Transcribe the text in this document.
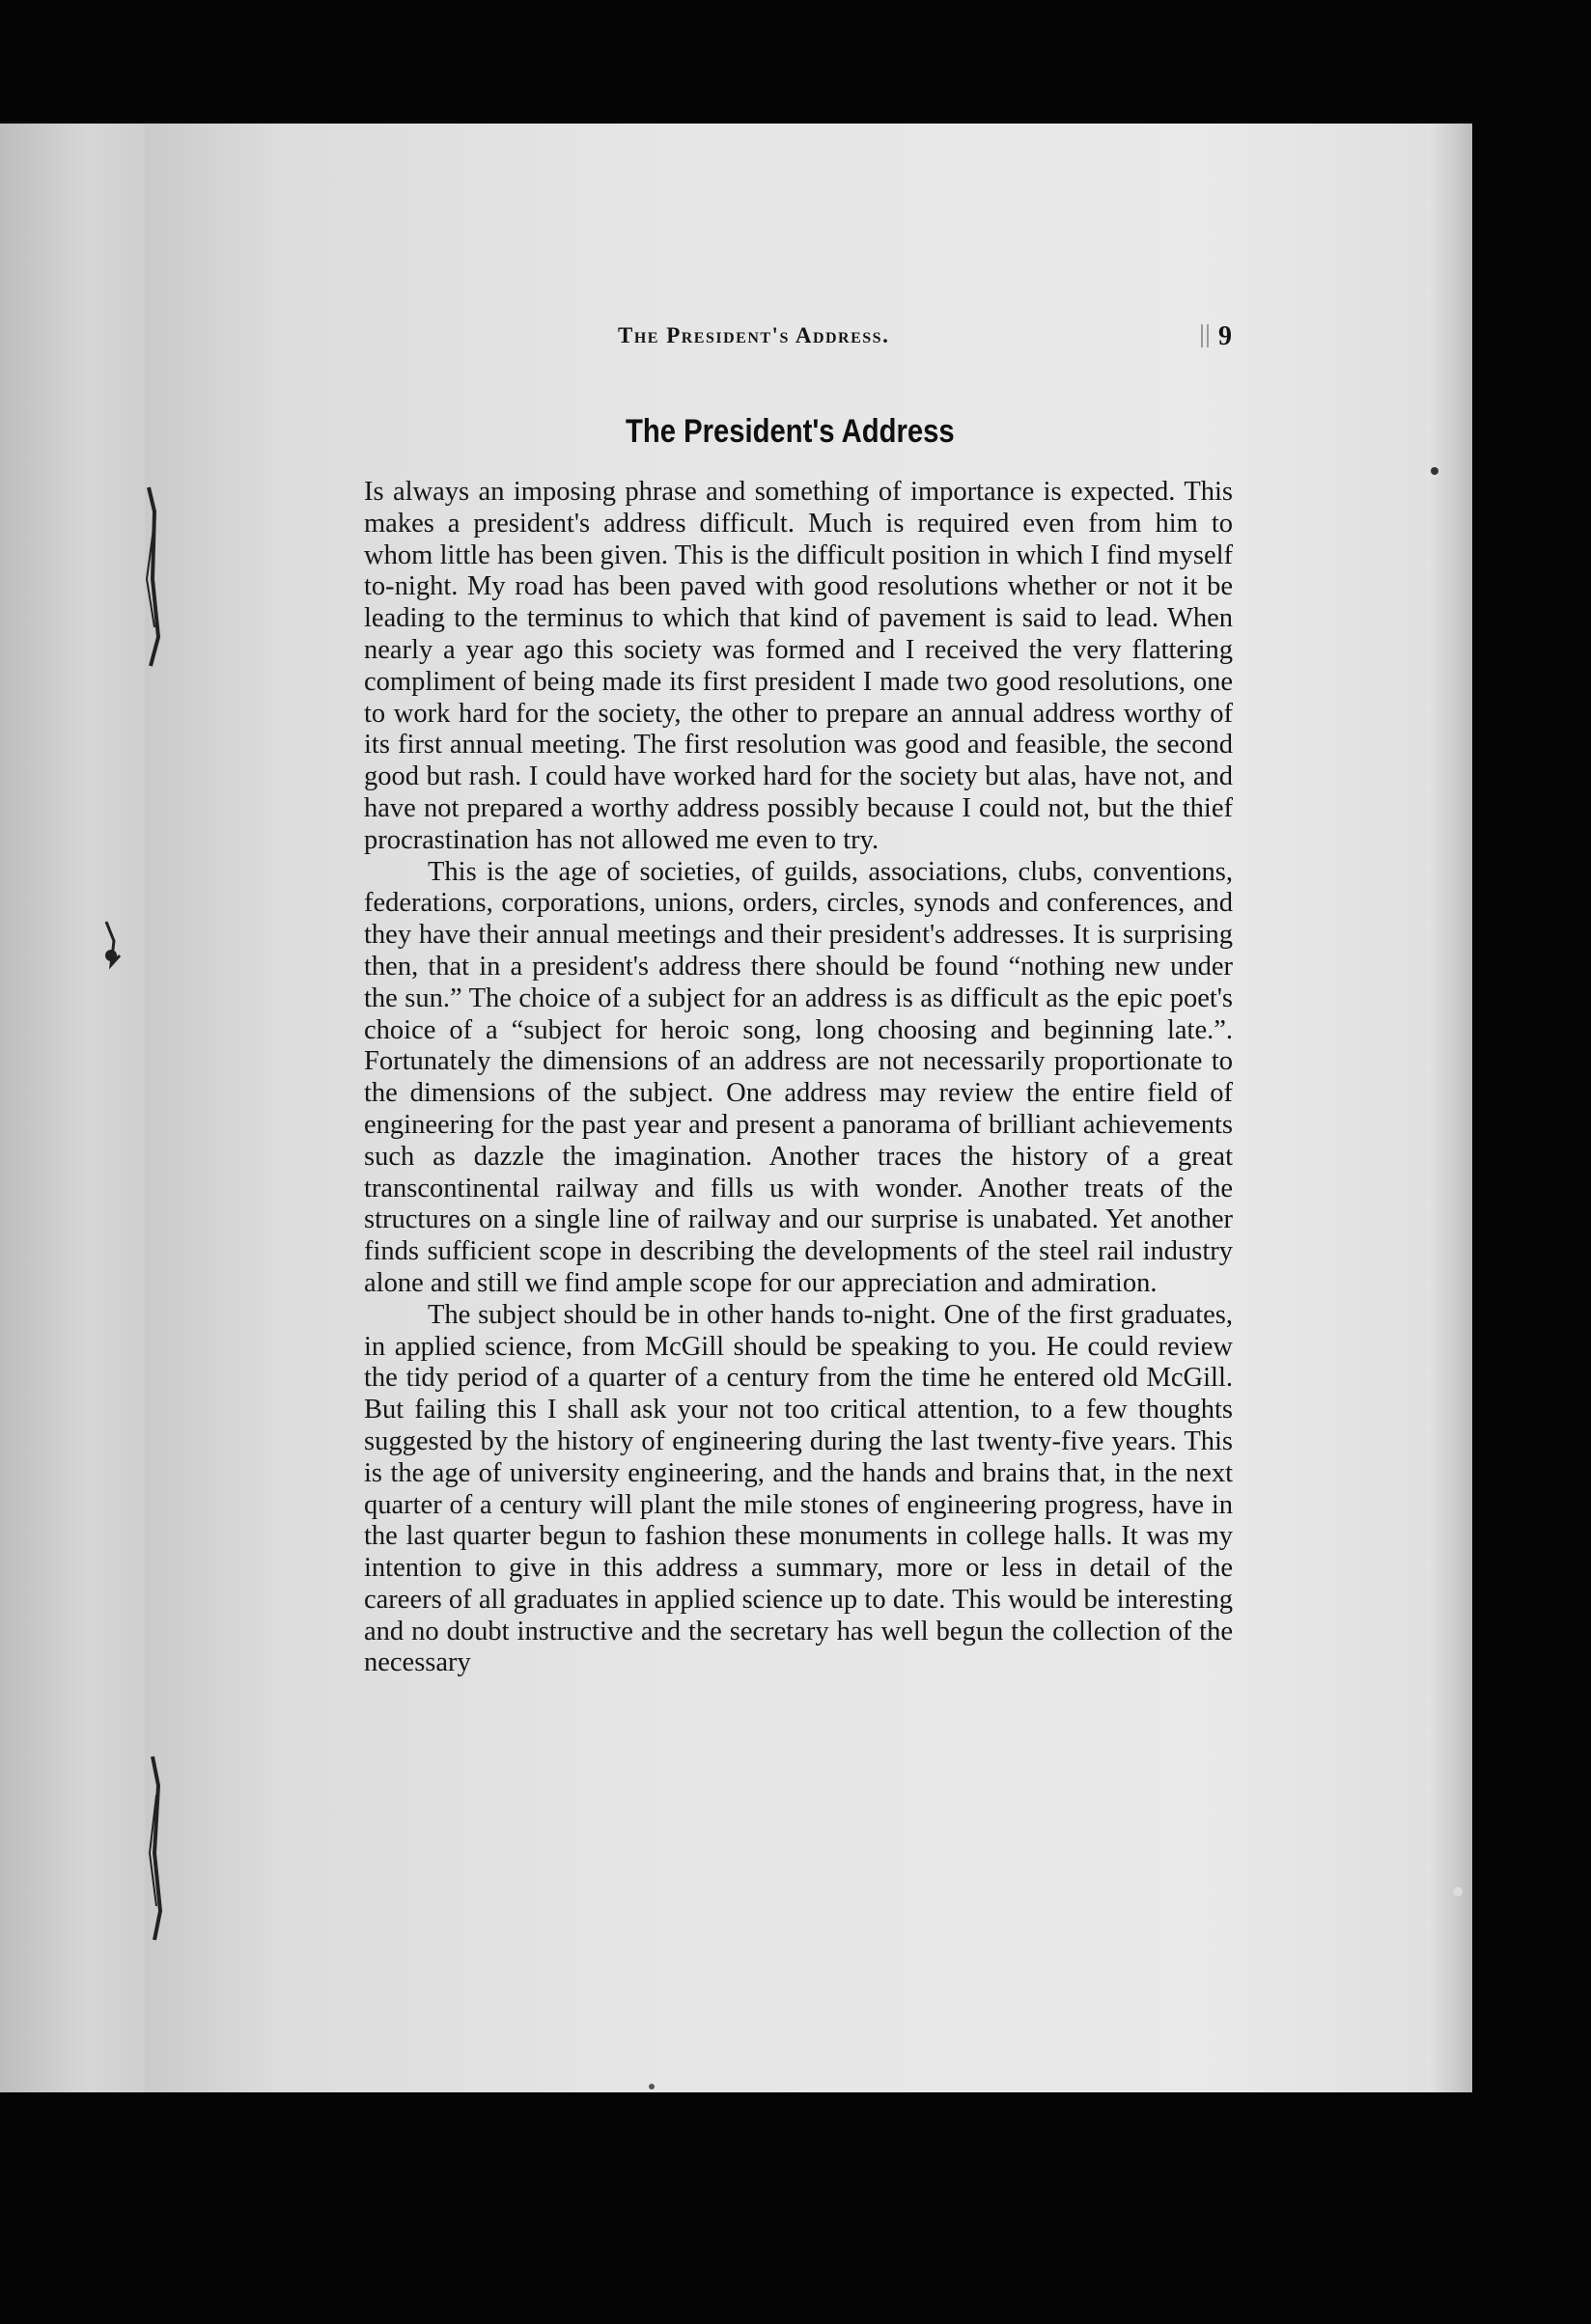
The President's Address.	9
The President's Address

Is always an imposing phrase and something of importance is expected. This makes a president's address difficult. Much is required even from him to whom little has been given. This is the difficult position in which I find myself to-night. My road has been paved with good resolutions whether or not it be leading to the terminus to which that kind of pavement is said to lead. When nearly a year ago this society was formed and I received the very flattering compliment of being made its first president I made two good resolutions, one to work hard for the society, the other to prepare an annual address worthy of its first annual meeting. The first resolution was good and feasible, the second good but rash. I could have worked hard for the society but alas, have not, and have not prepared a worthy address possibly because I could not, but the thief procrastination has not allowed me even to try.

This is the age of societies, of guilds, associations, clubs, conventions, federations, corporations, unions, orders, circles, synods and conferences, and they have their annual meetings and their president's addresses. It is surprising then, that in a president's address there should be found “nothing new under the sun.” The choice of a subject for an address is as difficult as the epic poet's choice of a “subject for heroic song, long choosing and beginning late.”. Fortunately the dimensions of an address are not necessarily proportionate to the dimensions of the subject. One address may review the entire field of engineering for the past year and present a panorama of brilliant achievements such as dazzle the imagination. Another traces the history of a great transcontinental railway and fills us with wonder. Another treats of the structures on a single line of railway and our surprise is unabated. Yet another finds sufficient scope in describing the developments of the steel rail industry alone and still we find ample scope for our appreciation and admiration.

The subject should be in other hands to-night. One of the first graduates, in applied science, from McGill should be speaking to you. He could review the tidy period of a quarter of a century from the time he entered old McGill. But failing this I shall ask your not too critical attention, to a few thoughts suggested by the history of engineering during the last twenty-five years. This is the age of university engineering, and the hands and brains that, in the next quarter of a century will plant the mile stones of engineering progress, have in the last quarter begun to fashion these monuments in college halls. It was my intention to give in this address a summary, more or less in detail of the careers of all graduates in applied science up to date. This would be interesting and no doubt instructive and the secretary has well begun the collection of the necessary
